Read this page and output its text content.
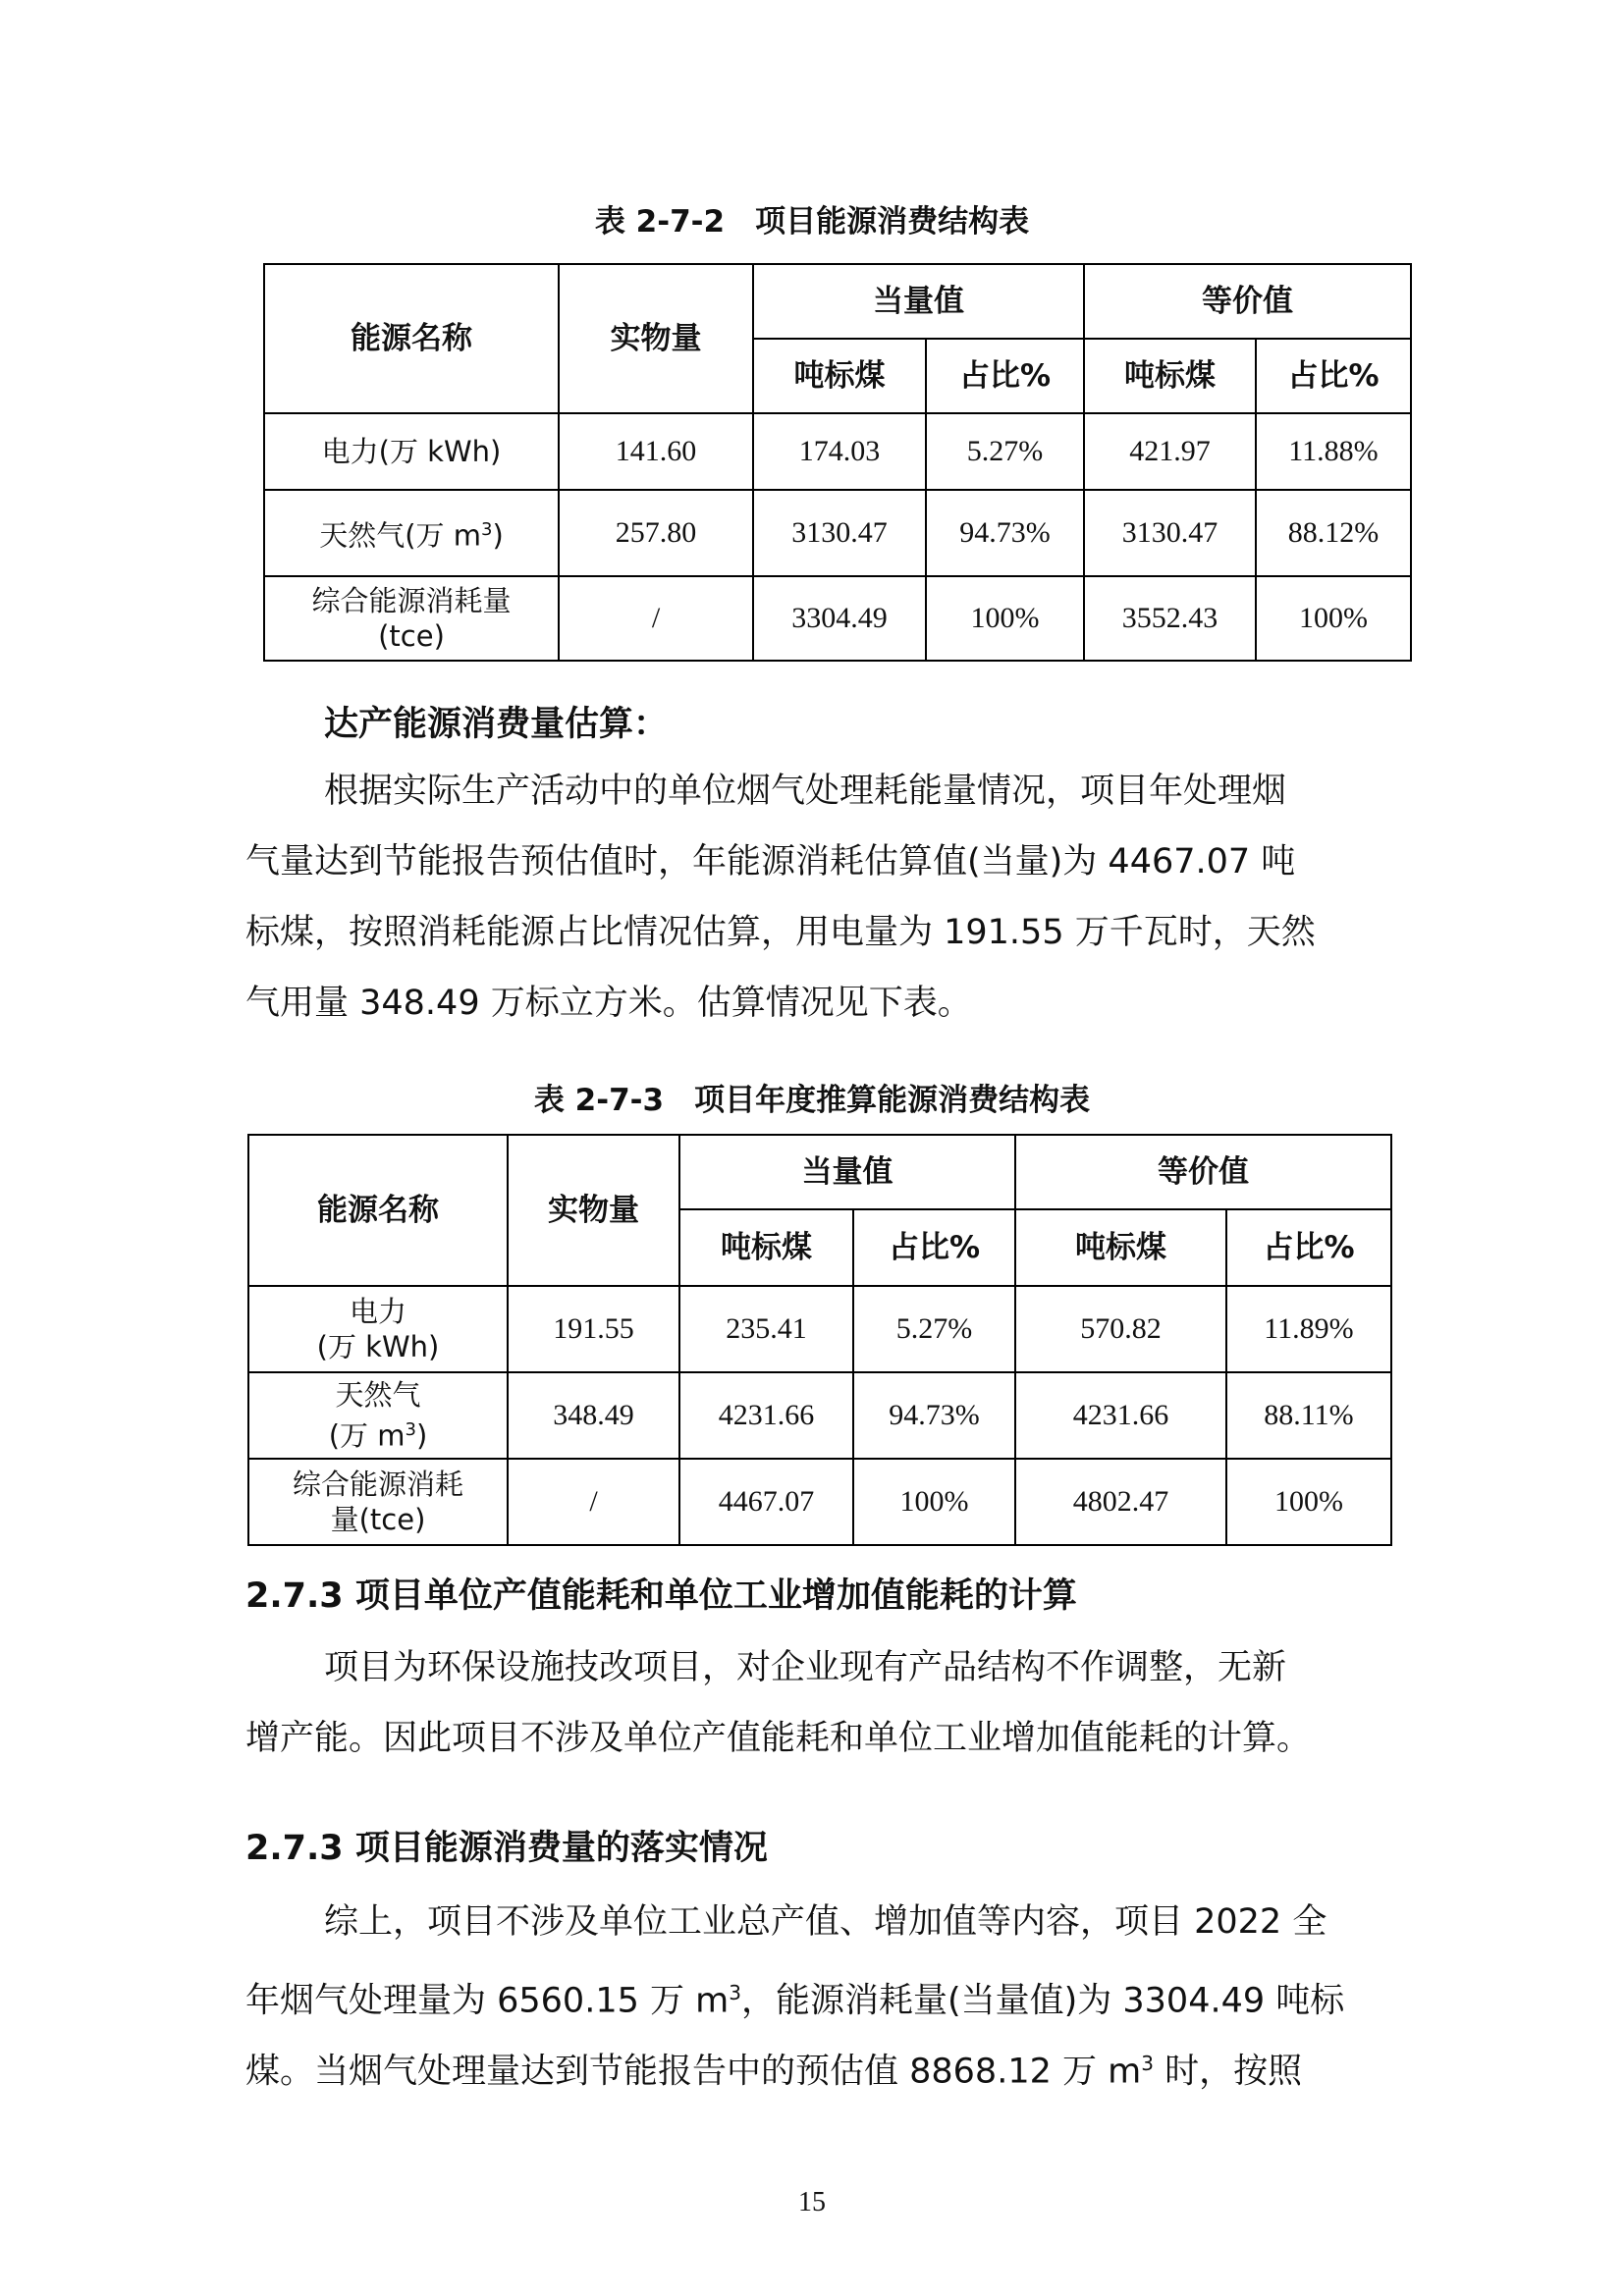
表 2-7-2　项目能源消费结构表
能源名称	实物量	当量值		等价值	
		吨标煤	占比%	吨标煤	占比%
电力(万 kWh)	141.60	174.03	5.27%	421.97	11.88%
天然气(万 $m^3$)	257.80	3130.47	94.73%	3130.47	88.12%

综合能源消耗量
(tce)	/	3304.49	100%	3552.43	100%
达产能源消费量估算：
根据实际生产活动中的单位烟气处理耗能量情况，项目年处理烟
气量达到节能报告预估值时，年能源消耗估算值(当量)为 4467.07 吨
标煤，按照消耗能源占比情况估算，用电量为 191.55 万千瓦时，天然
气用量 348.49 万标立方米。估算情况见下表。
表 2-7-3　项目年度推算能源消费结构表
能源名称	实物量	当量值		等价值	
		吨标煤	占比%	吨标煤	占比%

电力
(万 kWh)	191.55	235.41	5.27%	570.82	11.89%

天然气
(万 $m^3$)	348.49	4231.66	94.73%	4231.66	88.11%

综合能源消耗
量(tce)	/	4467.07	100%	4802.47	100%
2.7.3 项目单位产值能耗和单位工业增加值能耗的计算
项目为环保设施技改项目，对企业现有产品结构不作调整，无新
增产能。因此项目不涉及单位产值能耗和单位工业增加值能耗的计算。
2.7.3 项目能源消费量的落实情况
综上，项目不涉及单位工业总产值、增加值等内容，项目 2022 全
年烟气处理量为 6560.15 万 $m^3$，能源消耗量(当量值)为 3304.49 吨标
煤。当烟气处理量达到节能报告中的预估值 8868.12 万 $m^3$ 时，按照
15
